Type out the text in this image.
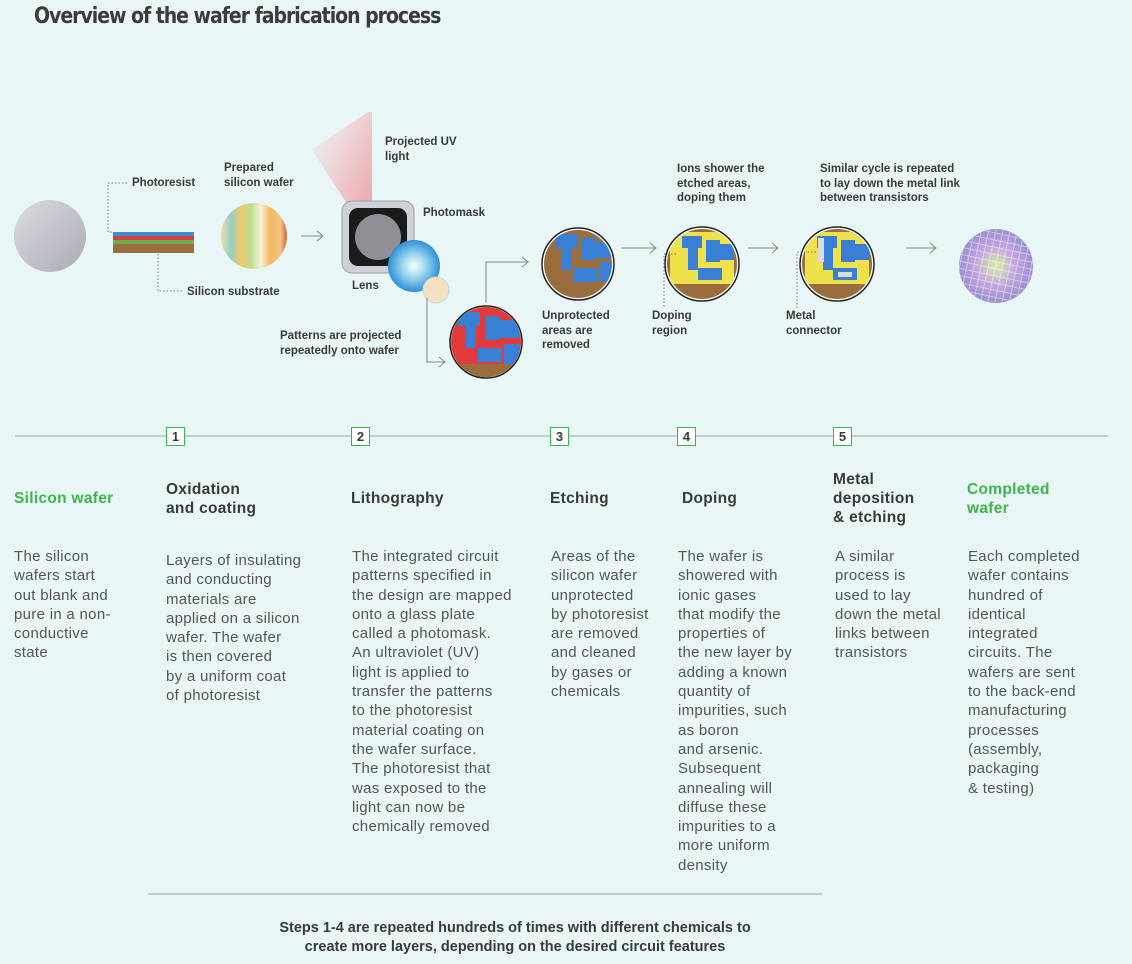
Overview of the wafer fabrication process
Photoresist
Prepared
silicon wafer
Silicon substrate
Projected UV
light
Photomask
Lens
Patterns are projected
repeatedly onto wafer
Unprotected
areas are
removed
Ions shower the
etched areas,
doping them
Doping
region
Similar cycle is repeated
to lay down the metal link
between transistors
Metal
connector
1	2	3	4	5
Silicon wafer
Oxidation
and coating
Lithography	Etching	Doping
Metal
deposition
& etching
Completed
wafer
The silicon
wafers start
out blank and
pure in a non-
conductive
state
Layers of insulating
and conducting
materials are
applied on a silicon
wafer. The wafer
is then covered
by a uniform coat
of photoresist
The integrated circuit
patterns specified in
the design are mapped
onto a glass plate
called a photomask.
An ultraviolet (UV)
light is applied to
transfer the patterns
to the photoresist
material coating on
the wafer surface.
The photoresist that
was exposed to the
light can now be
chemically removed
Areas of the
silicon wafer
unprotected
by photoresist
are removed
and cleaned
by gases or
chemicals
The wafer is
showered with
ionic gases
that modify the
properties of
the new layer by
adding a known
quantity of
impurities, such
as boron
and arsenic.
Subsequent
annealing will
diffuse these
impurities to a
more uniform
density
A similar
process is
used to lay
down the metal
links between
transistors
Each completed
wafer contains
hundred of
identical
integrated
circuits. The
wafers are sent
to the back-end
manufacturing
processes
(assembly,
packaging
& testing)
Steps 1-4 are repeated hundreds of times with different chemicals to
create more layers, depending on the desired circuit features
